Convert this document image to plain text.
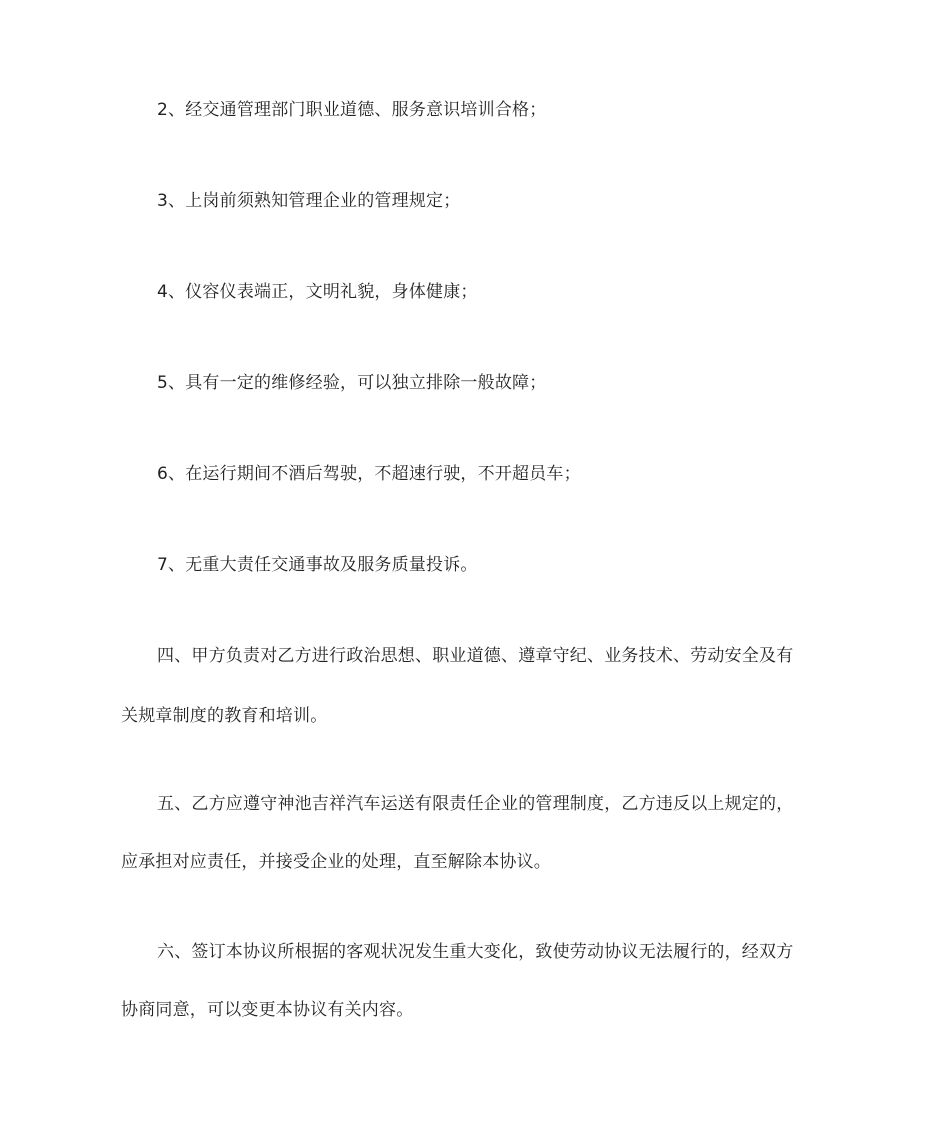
2、经交通管理部门职业道德、服务意识培训合格；
3、上岗前须熟知管理企业的管理规定；
4、仪容仪表端正，文明礼貌，身体健康；
5、具有一定的维修经验，可以独立排除一般故障；
6、在运行期间不酒后驾驶，不超速行驶，不开超员车；
7、无重大责任交通事故及服务质量投诉。
四、甲方负责对乙方进行政治思想、职业道德、遵章守纪、业务技术、劳动安全及有
关规章制度的教育和培训。
五、乙方应遵守神池吉祥汽车运送有限责任企业的管理制度，乙方违反以上规定的，
应承担对应责任，并接受企业的处理，直至解除本协议。
六、签订本协议所根据的客观状况发生重大变化，致使劳动协议无法履行的，经双方
协商同意，可以变更本协议有关内容。
